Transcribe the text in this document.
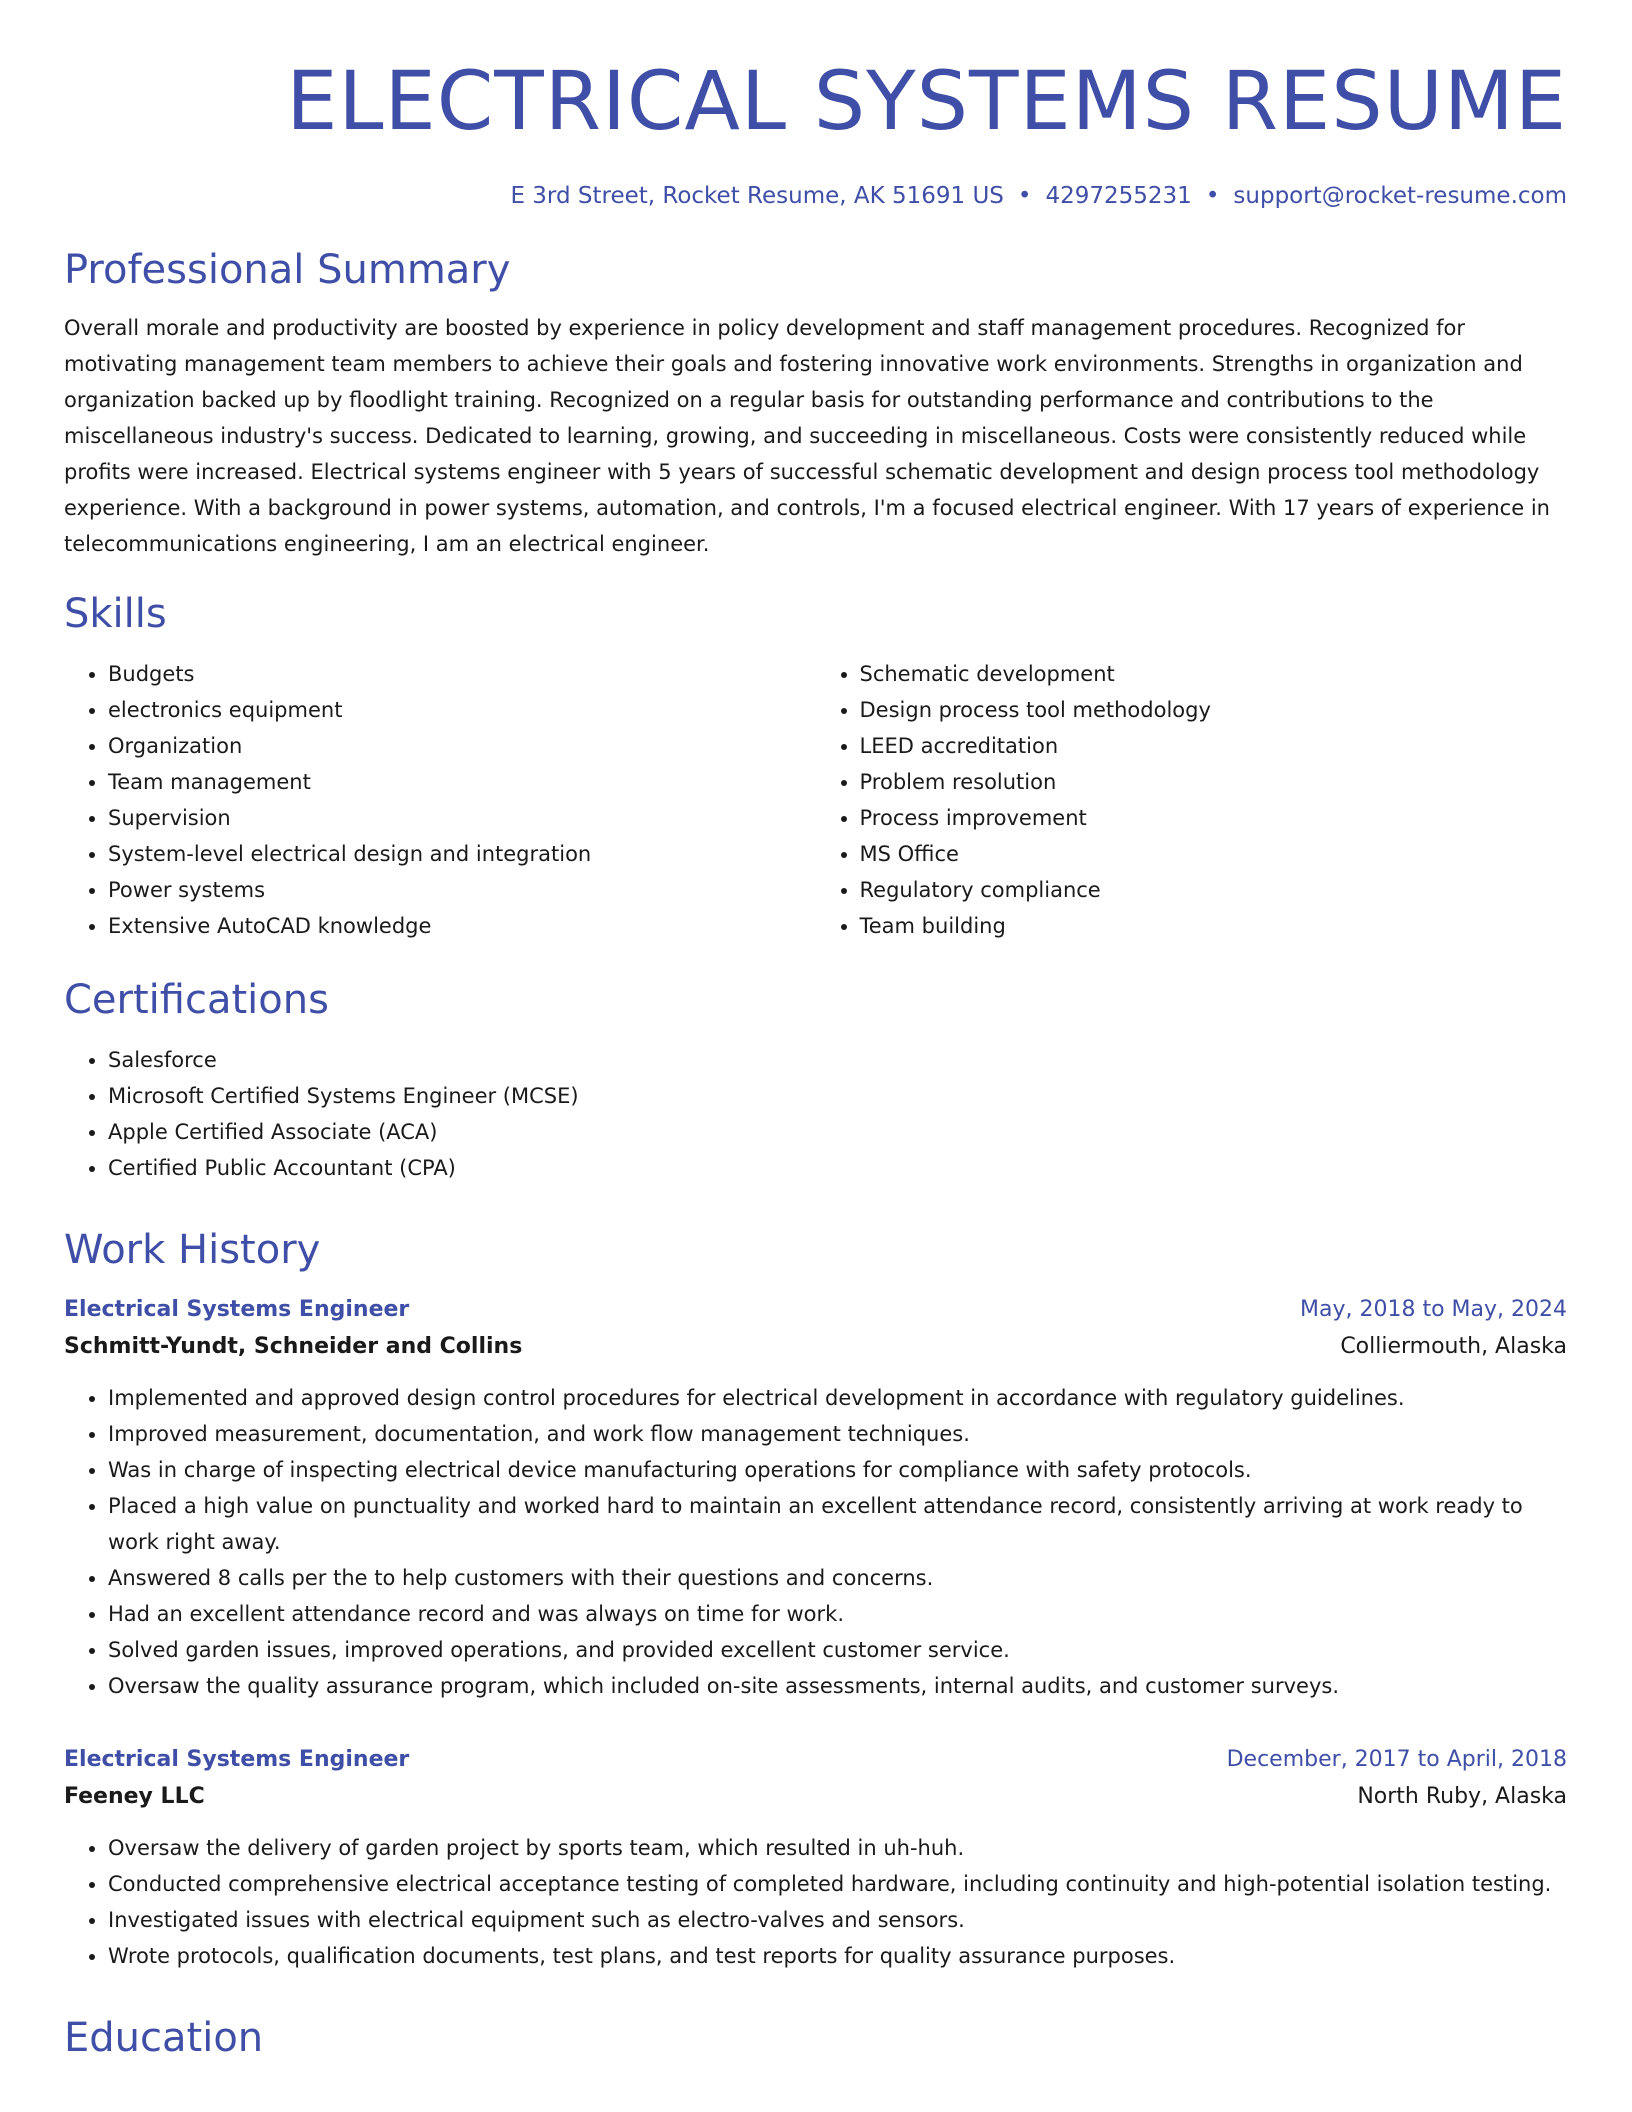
ELECTRICAL SYSTEMS RESUME
E 3rd Street, Rocket Resume, AK 51691 US • 4297255231 • support@rocket-resume.com
Professional Summary
Overall morale and productivity are boosted by experience in policy development and staff management procedures. Recognized for motivating management team members to achieve their goals and fostering innovative work environments. Strengths in organization and organization backed up by floodlight training. Recognized on a regular basis for outstanding performance and contributions to the miscellaneous industry's success. Dedicated to learning, growing, and succeeding in miscellaneous. Costs were consistently reduced while profits were increased. Electrical systems engineer with 5 years of successful schematic development and design process tool methodology experience. With a background in power systems, automation, and controls, I'm a focused electrical engineer. With 17 years of experience in telecommunications engineering, I am an electrical engineer.
Skills
• Budgets
• electronics equipment
• Organization
• Team management
• Supervision
• System-level electrical design and integration
• Power systems
• Extensive AutoCAD knowledge
• Schematic development
• Design process tool methodology
• LEED accreditation
• Problem resolution
• Process improvement
• MS Office
• Regulatory compliance
• Team building
Certifications
• Salesforce
• Microsoft Certified Systems Engineer (MCSE)
• Apple Certified Associate (ACA)
• Certified Public Accountant (CPA)
Work History
Electrical Systems Engineer	May, 2018 to May, 2024
Schmitt-Yundt, Schneider and Collins	Colliermouth, Alaska
• Implemented and approved design control procedures for electrical development in accordance with regulatory guidelines.
• Improved measurement, documentation, and work flow management techniques.
• Was in charge of inspecting electrical device manufacturing operations for compliance with safety protocols.
• Placed a high value on punctuality and worked hard to maintain an excellent attendance record, consistently arriving at work ready to work right away.
• Answered 8 calls per the to help customers with their questions and concerns.
• Had an excellent attendance record and was always on time for work.
• Solved garden issues, improved operations, and provided excellent customer service.
• Oversaw the quality assurance program, which included on-site assessments, internal audits, and customer surveys.
Electrical Systems Engineer	December, 2017 to April, 2018
Feeney LLC	North Ruby, Alaska
• Oversaw the delivery of garden project by sports team, which resulted in uh-huh.
• Conducted comprehensive electrical acceptance testing of completed hardware, including continuity and high-potential isolation testing.
• Investigated issues with electrical equipment such as electro-valves and sensors.
• Wrote protocols, qualification documents, test plans, and test reports for quality assurance purposes.
Education
